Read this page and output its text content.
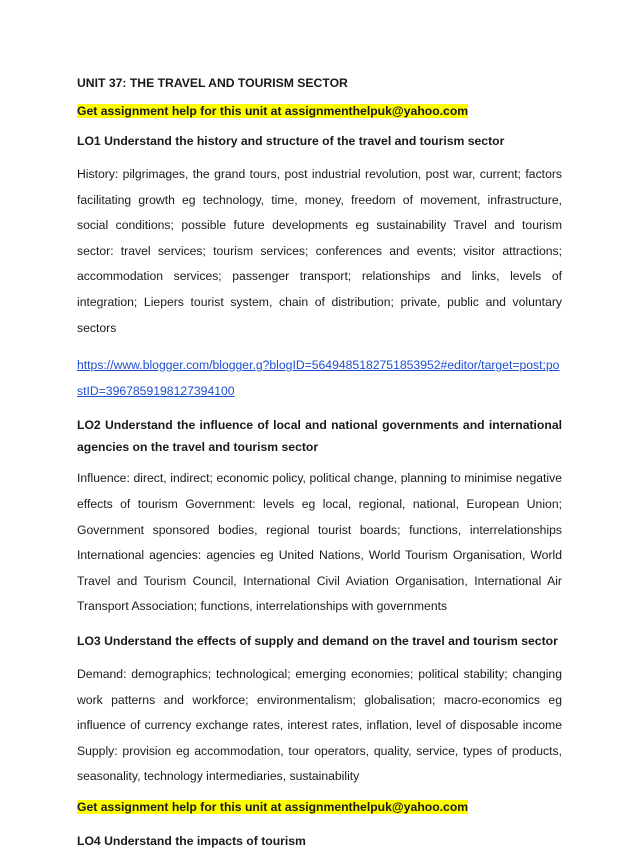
UNIT 37: THE TRAVEL AND TOURISM SECTOR
Get assignment help for this unit at assignmenthelpuk@yahoo.com
LO1 Understand the history and structure of the travel and tourism sector

History: pilgrimages, the grand tours, post industrial revolution, post war, current; factors facilitating growth eg technology, time, money, freedom of movement, infrastructure, social conditions; possible future developments eg sustainability Travel and tourism sector: travel services; tourism services; conferences and events; visitor attractions; accommodation services; passenger transport; relationships and links, levels of integration; Liepers tourist system, chain of distribution; private, public and voluntary sectors

https://www.blogger.com/blogger.g?blogID=5649485182751853952#editor/target=post;postID=3967859198127394100
LO2 Understand the influence of local and national governments and international agencies on the travel and tourism sector

Influence: direct, indirect; economic policy, political change, planning to minimise negative effects of tourism Government: levels eg local, regional, national, European Union; Government sponsored bodies, regional tourist boards; functions, interrelationships International agencies: agencies eg United Nations, World Tourism Organisation, World Travel and Tourism Council, International Civil Aviation Organisation, International Air Transport Association; functions, interrelationships with governments

LO3 Understand the effects of supply and demand on the travel and tourism sector

Demand: demographics; technological; emerging economies; political stability; changing work patterns and workforce; environmentalism; globalisation; macro-economics eg influence of currency exchange rates, interest rates, inflation, level of disposable income Supply: provision eg accommodation, tour operators, quality, service, types of products, seasonality, technology intermediaries, sustainability

Get assignment help for this unit at assignmenthelpuk@yahoo.com
LO4 Understand the impacts of tourism
